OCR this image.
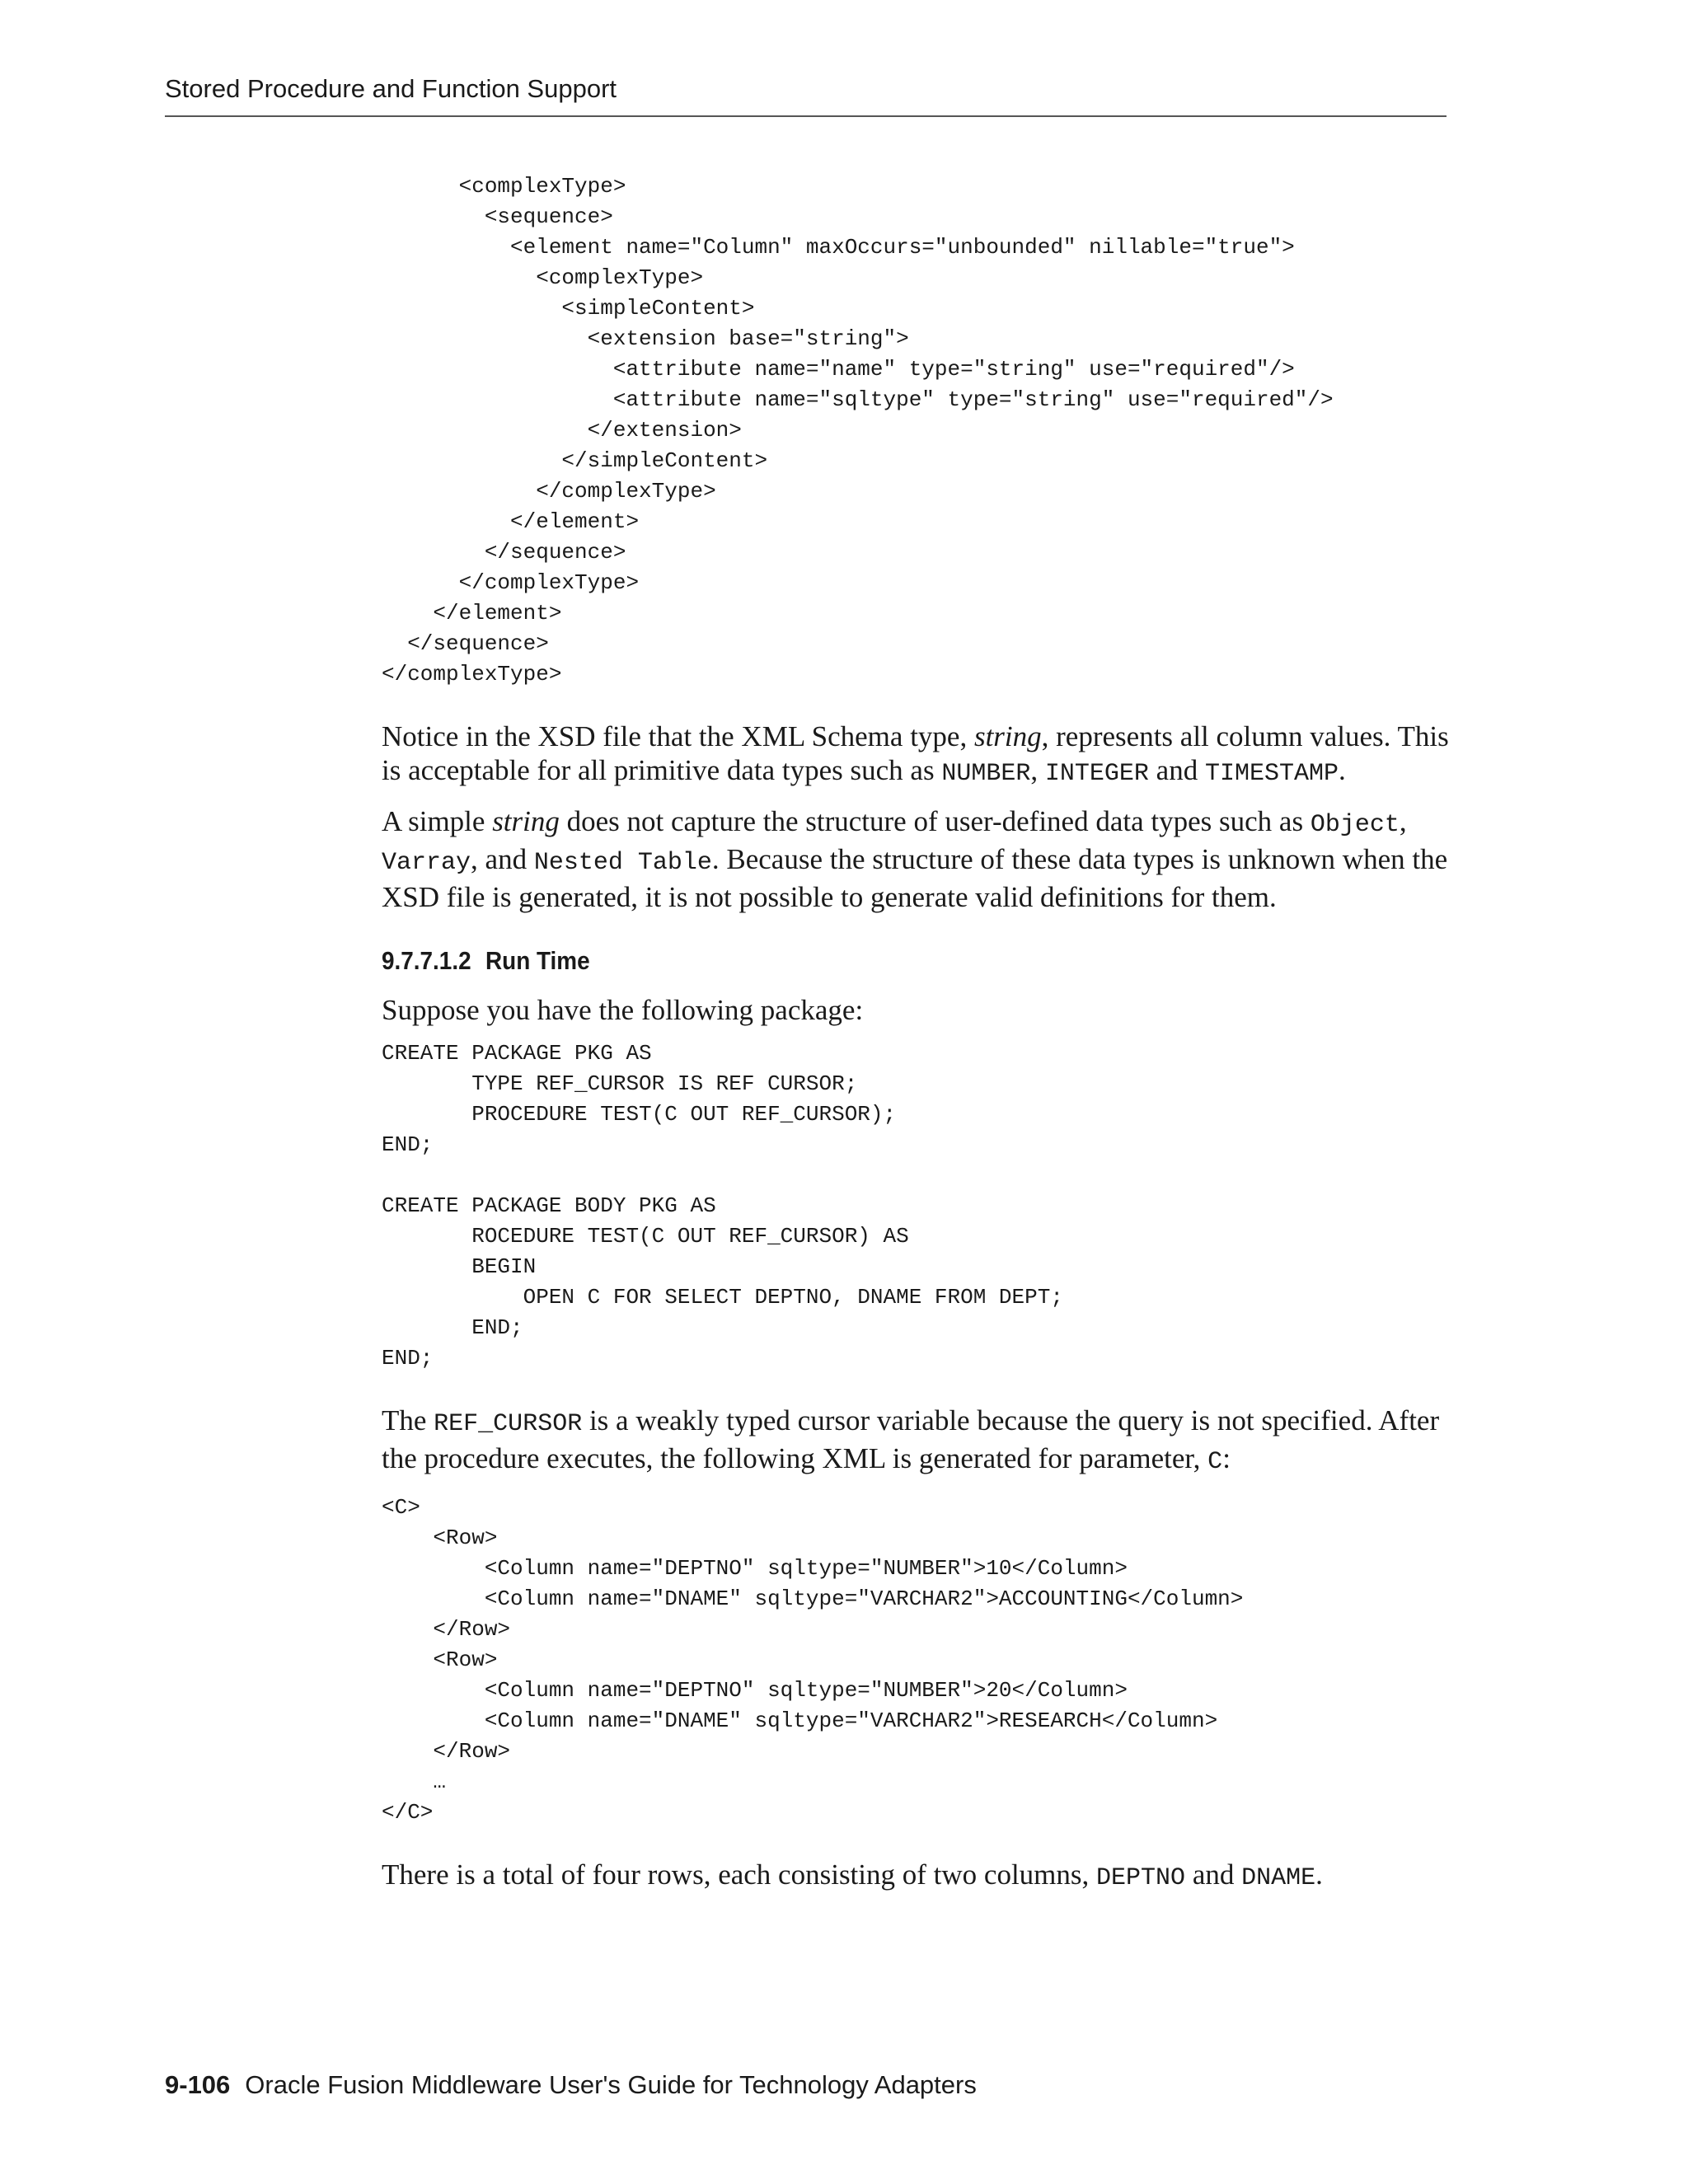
Stored Procedure and Function Support
<complexType>
<sequence>
<element name="Column" maxOccurs="unbounded" nillable="true">
<complexType>
<simpleContent>
<extension base="string">
<attribute name="name" type="string" use="required"/>
<attribute name="sqltype" type="string" use="required"/>
</extension>
</simpleContent>
</complexType>
</element>
</sequence>
</complexType>
</element>
</sequence>
</complexType>

Notice in the XSD file that the XML Schema type, string, represents all column values. This is acceptable for all primitive data types such as NUMBER, INTEGER and TIMESTAMP.

A simple string does not capture the structure of user-defined data types such as Object, Varray, and Nested Table. Because the structure of these data types is unknown when the XSD file is generated, it is not possible to generate valid definitions for them.

9.7.7.1.2 Run Time

Suppose you have the following package:

CREATE PACKAGE PKG AS
TYPE REF_CURSOR IS REF CURSOR;
PROCEDURE TEST(C OUT REF_CURSOR);
END;

CREATE PACKAGE BODY PKG AS
ROCEDURE TEST(C OUT REF_CURSOR) AS
BEGIN
OPEN C FOR SELECT DEPTNO, DNAME FROM DEPT;
END;
END;

The REF_CURSOR is a weakly typed cursor variable because the query is not specified. After the procedure executes, the following XML is generated for parameter, C:

<C>
<Row>
<Column name="DEPTNO" sqltype="NUMBER">10</Column>
<Column name="DNAME" sqltype="VARCHAR2">ACCOUNTING</Column>
</Row>
<Row>
<Column name="DEPTNO" sqltype="NUMBER">20</Column>
<Column name="DNAME" sqltype="VARCHAR2">RESEARCH</Column>
</Row>
…
</C>

There is a total of four rows, each consisting of two columns, DEPTNO and DNAME.

9-106 Oracle Fusion Middleware User's Guide for Technology Adapters
